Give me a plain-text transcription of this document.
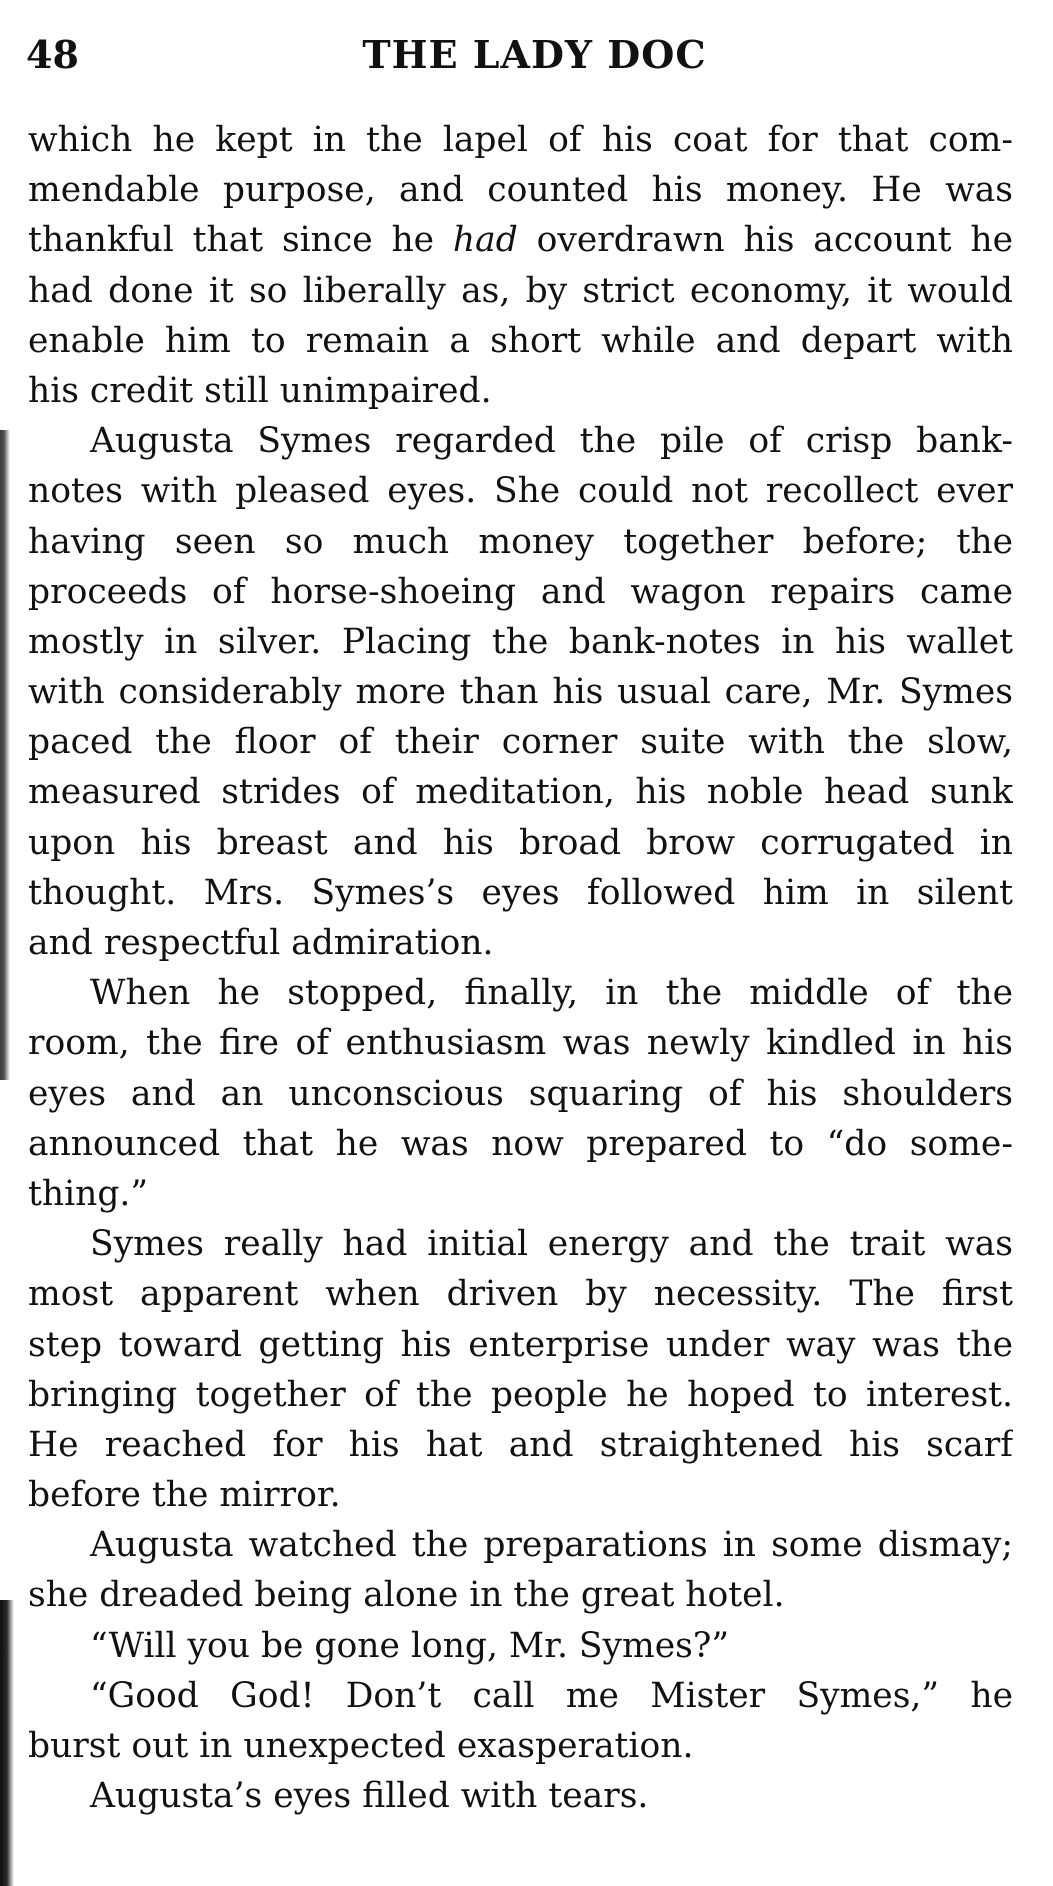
48	THE LADY DOC
which he kept in the lapel of his coat for that com-
mendable purpose, and counted his money. He was
thankful that since he had overdrawn his account he
had done it so liberally as, by strict economy, it would
enable him to remain a short while and depart with
his credit still unimpaired.
Augusta Symes regarded the pile of crisp bank-
notes with pleased eyes. She could not recollect ever
having seen so much money together before; the
proceeds of horse-shoeing and wagon repairs came
mostly in silver. Placing the bank-notes in his wallet
with considerably more than his usual care, Mr. Symes
paced the floor of their corner suite with the slow,
measured strides of meditation, his noble head sunk
upon his breast and his broad brow corrugated in
thought. Mrs. Symes’s eyes followed him in silent
and respectful admiration.
When he stopped, finally, in the middle of the
room, the fire of enthusiasm was newly kindled in his
eyes and an unconscious squaring of his shoulders
announced that he was now prepared to “do some-
thing.”
Symes really had initial energy and the trait was
most apparent when driven by necessity. The first
step toward getting his enterprise under way was the
bringing together of the people he hoped to interest.
He reached for his hat and straightened his scarf
before the mirror.
Augusta watched the preparations in some dismay;
she dreaded being alone in the great hotel.
“Will you be gone long, Mr. Symes?”
“Good God! Don’t call me Mister Symes,” he
burst out in unexpected exasperation.
Augusta’s eyes filled with tears.
